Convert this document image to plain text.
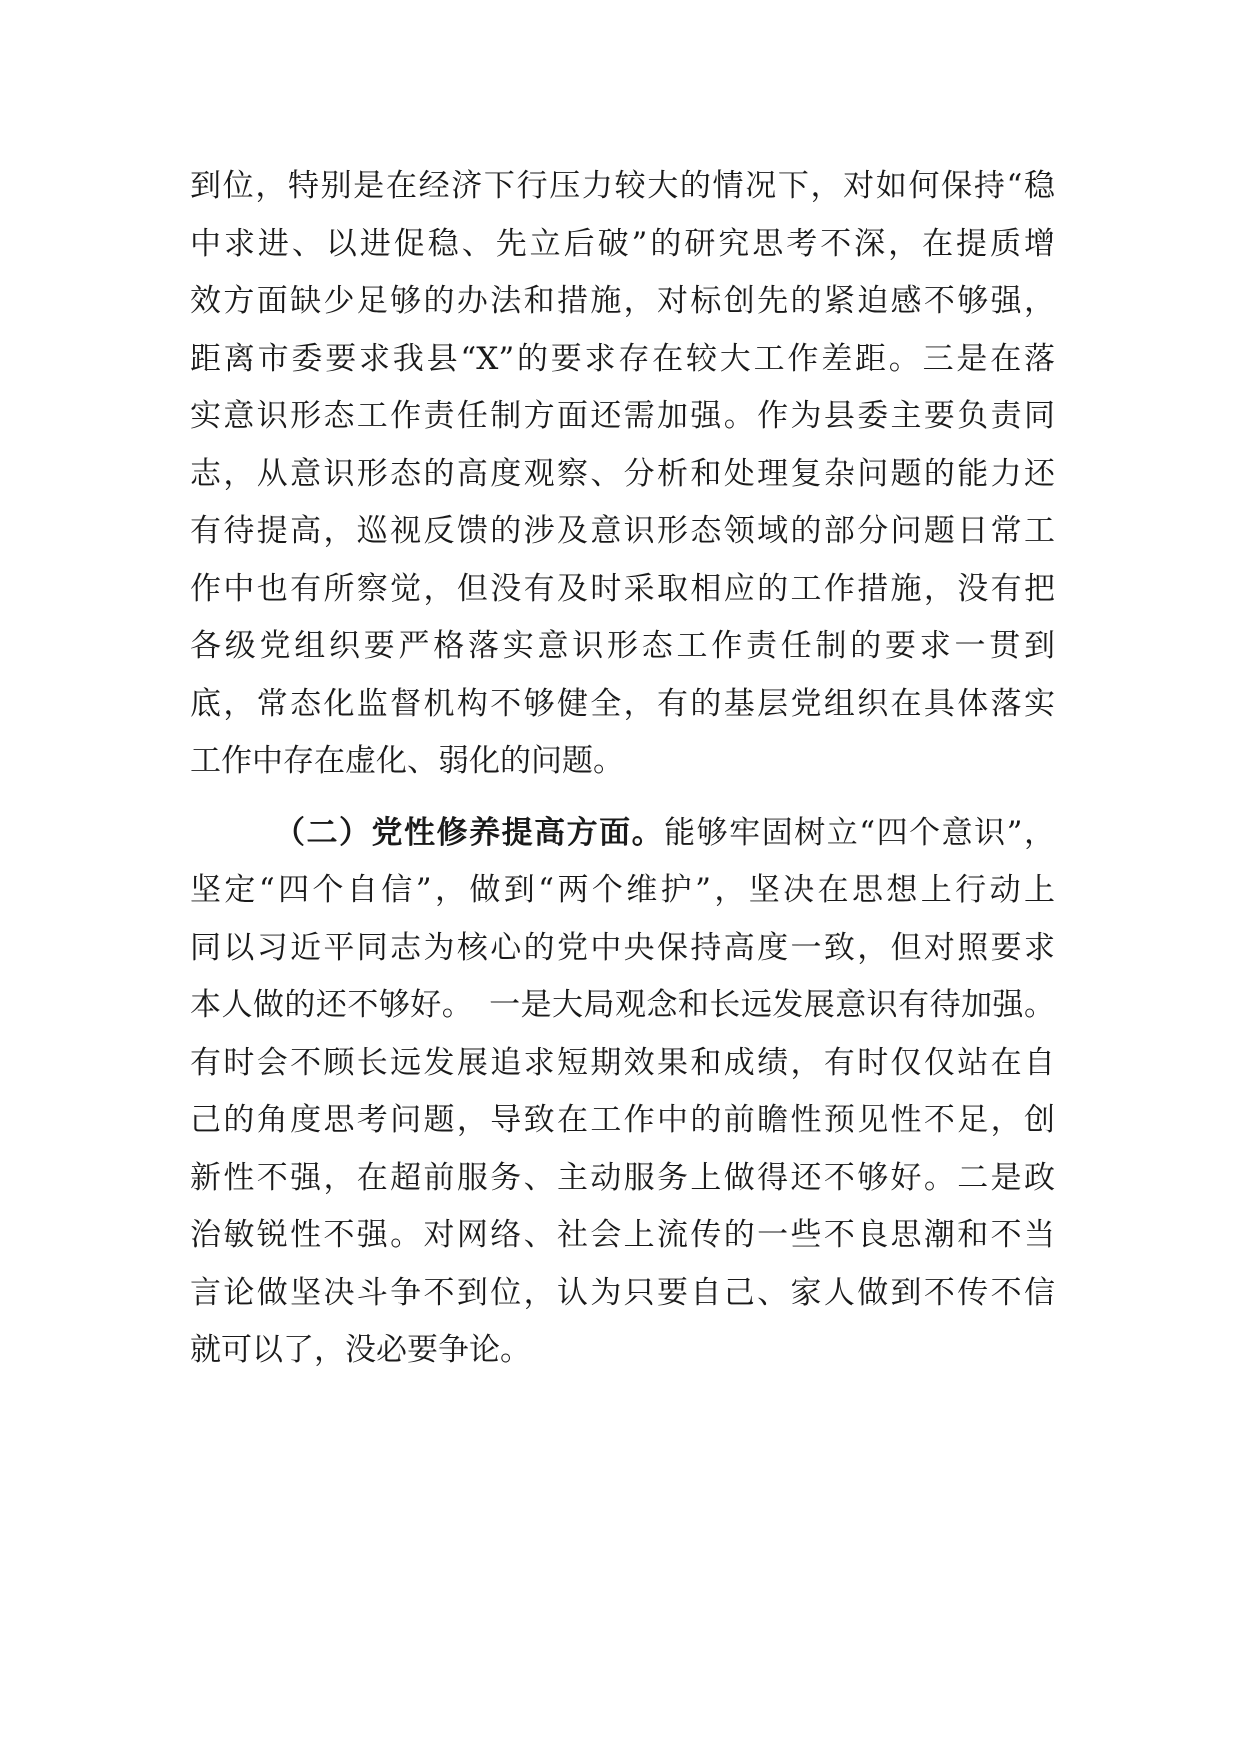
到位，特别是在经济下行压力较大的情况下，对如何保持“稳
中求进、以进促稳、先立后破”的研究思考不深，在提质增
效方面缺少足够的办法和措施，对标创先的紧迫感不够强，
距离市委要求我县“X”的要求存在较大工作差距。三是在落
实意识形态工作责任制方面还需加强。作为县委主要负责同
志，从意识形态的高度观察、分析和处理复杂问题的能力还
有待提高，巡视反馈的涉及意识形态领域的部分问题日常工
作中也有所察觉，但没有及时采取相应的工作措施，没有把
各级党组织要严格落实意识形态工作责任制的要求一贯到
底，常态化监督机构不够健全，有的基层党组织在具体落实
工作中存在虚化、弱化的问题。
（二）党性修养提高方面。能够牢固树立“四个意识”，
坚定“四个自信”，做到“两个维护”，坚决在思想上行动上
同以习近平同志为核心的党中央保持高度一致，但对照要求
本人做的还不够好。　一是大局观念和长远发展意识有待加强。
有时会不顾长远发展追求短期效果和成绩，有时仅仅站在自
己的角度思考问题，导致在工作中的前瞻性预见性不足，创
新性不强，在超前服务、主动服务上做得还不够好。二是政
治敏锐性不强。对网络、社会上流传的一些不良思潮和不当
言论做坚决斗争不到位，认为只要自己、家人做到不传不信
就可以了，没必要争论。
